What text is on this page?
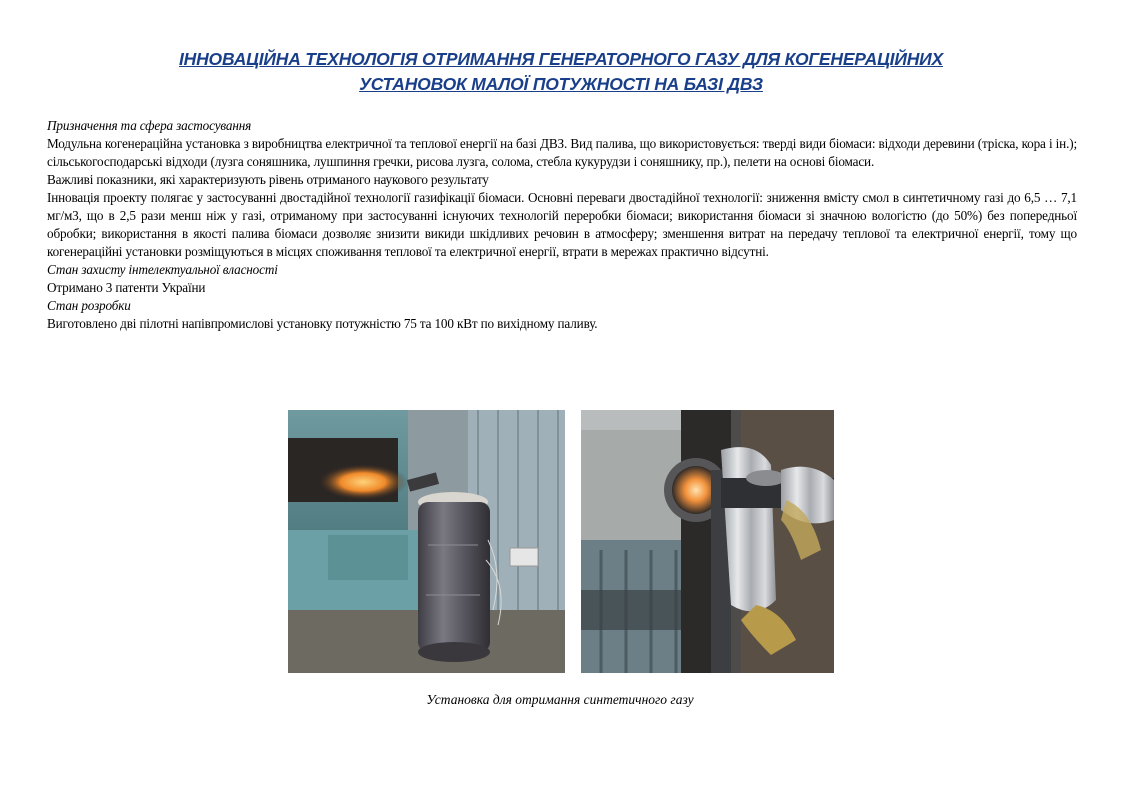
ІННОВАЦІЙНА ТЕХНОЛОГІЯ ОТРИМАННЯ ГЕНЕРАТОРНОГО ГАЗУ ДЛЯ КОГЕНЕРАЦІЙНИХ
УСТАНОВОК МАЛОЇ ПОТУЖНОСТІ НА БАЗІ ДВЗ

Призначення та сфера застосування

Модульна когенераційна установка з виробництва електричної та теплової енергії на базі ДВЗ. Вид палива, що використовується: тверді види біомаси: відходи деревини (тріска, кора і ін.); сільськогосподарські відходи (лузга соняшника, лушпиння гречки, рисова лузга, солома, стебла кукурудзи і соняшнику, пр.), пелети на основі біомаси.

Важливі показники, які характеризують рівень отриманого наукового результату

Інновація проекту полягає у застосуванні двостадійної технології газифікації біомаси. Основні переваги двостадійної технології: зниження вмісту смол в синтетичному газі до 6,5 … 7,1 мг/м3, що в 2,5 рази менш ніж у газі, отриманому при застосуванні існуючих технологій переробки біомаси; використання біомаси зі значною вологістю (до 50%) без попередньої обробки; використання в якості палива біомаси дозволяє знизити викиди шкідливих речовин в атмосферу; зменшення витрат на передачу теплової та електричної енергії, тому що когенераційні установки розміщуються в місцях споживання теплової та електричної енергії, втрати в мережах практично відсутні.

Стан захисту інтелектуальної власності

Отримано 3 патенти України

Стан розробки

Виготовлено дві пілотні напівпромислові установку потужністю 75 та 100 кВт по вихідному паливу.

Установка для отримання синтетичного газу
